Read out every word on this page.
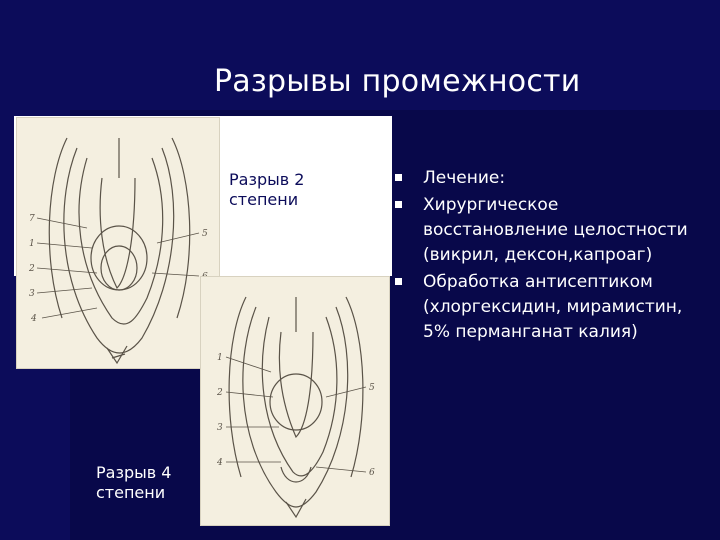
Разрывы промежности
7
1
2
3
4
5
Разрыв 2
степени
1
2
3
4
5
6
Разрыв 4
степени
Лечение:
Хирургическое восстановление целостности (викрил, дексон,капроаг)
Обработка антисептиком (хлоргексидин, мирамистин, 5% перманганат калия)
